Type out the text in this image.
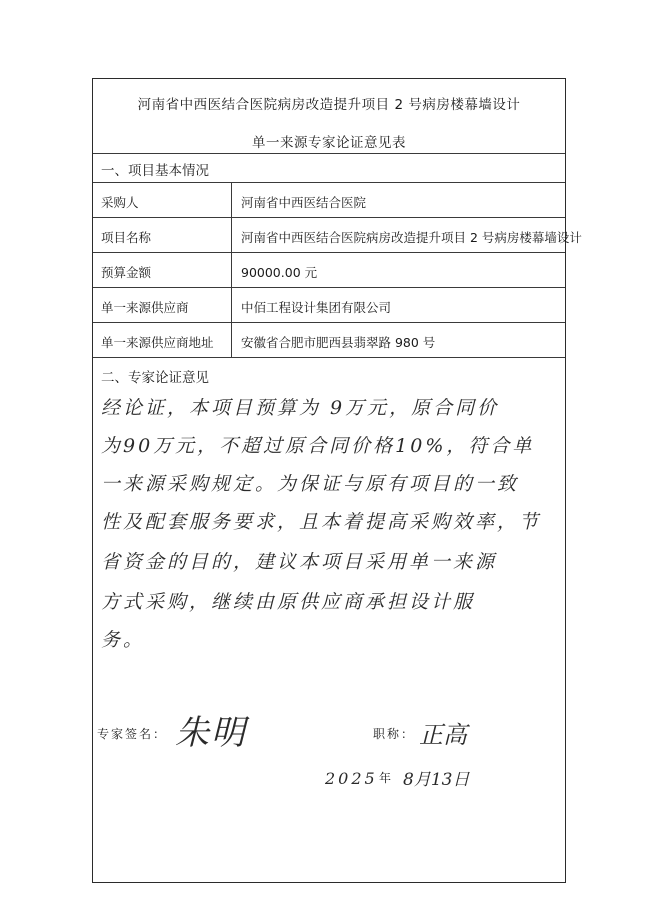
河南省中西医结合医院病房改造提升项目 2 号病房楼幕墙设计
单一来源专家论证意见表
一、项目基本情况
采购人	河南省中西医结合医院
项目名称	河南省中西医结合医院病房改造提升项目 2 号病房楼幕墙设计
预算金额	90000.00 元
单一来源供应商	中佰工程设计集团有限公司
单一来源供应商地址 安徽省合肥市肥西县翡翠路 980 号
二、专家论证意见
经论证，本项目预算为 9万元，原合同价
为90万元，不超过原合同价格10%，符合单
一来源采购规定。为保证与原有项目的一致
性及配套服务要求，且本着提高采购效率，节
省资金的目的，建议本项目采用单一来源
方式采购，继续由原供应商承担设计服
务。
专家签名： 朱明	职称： 正高
2025 年 8月13日
